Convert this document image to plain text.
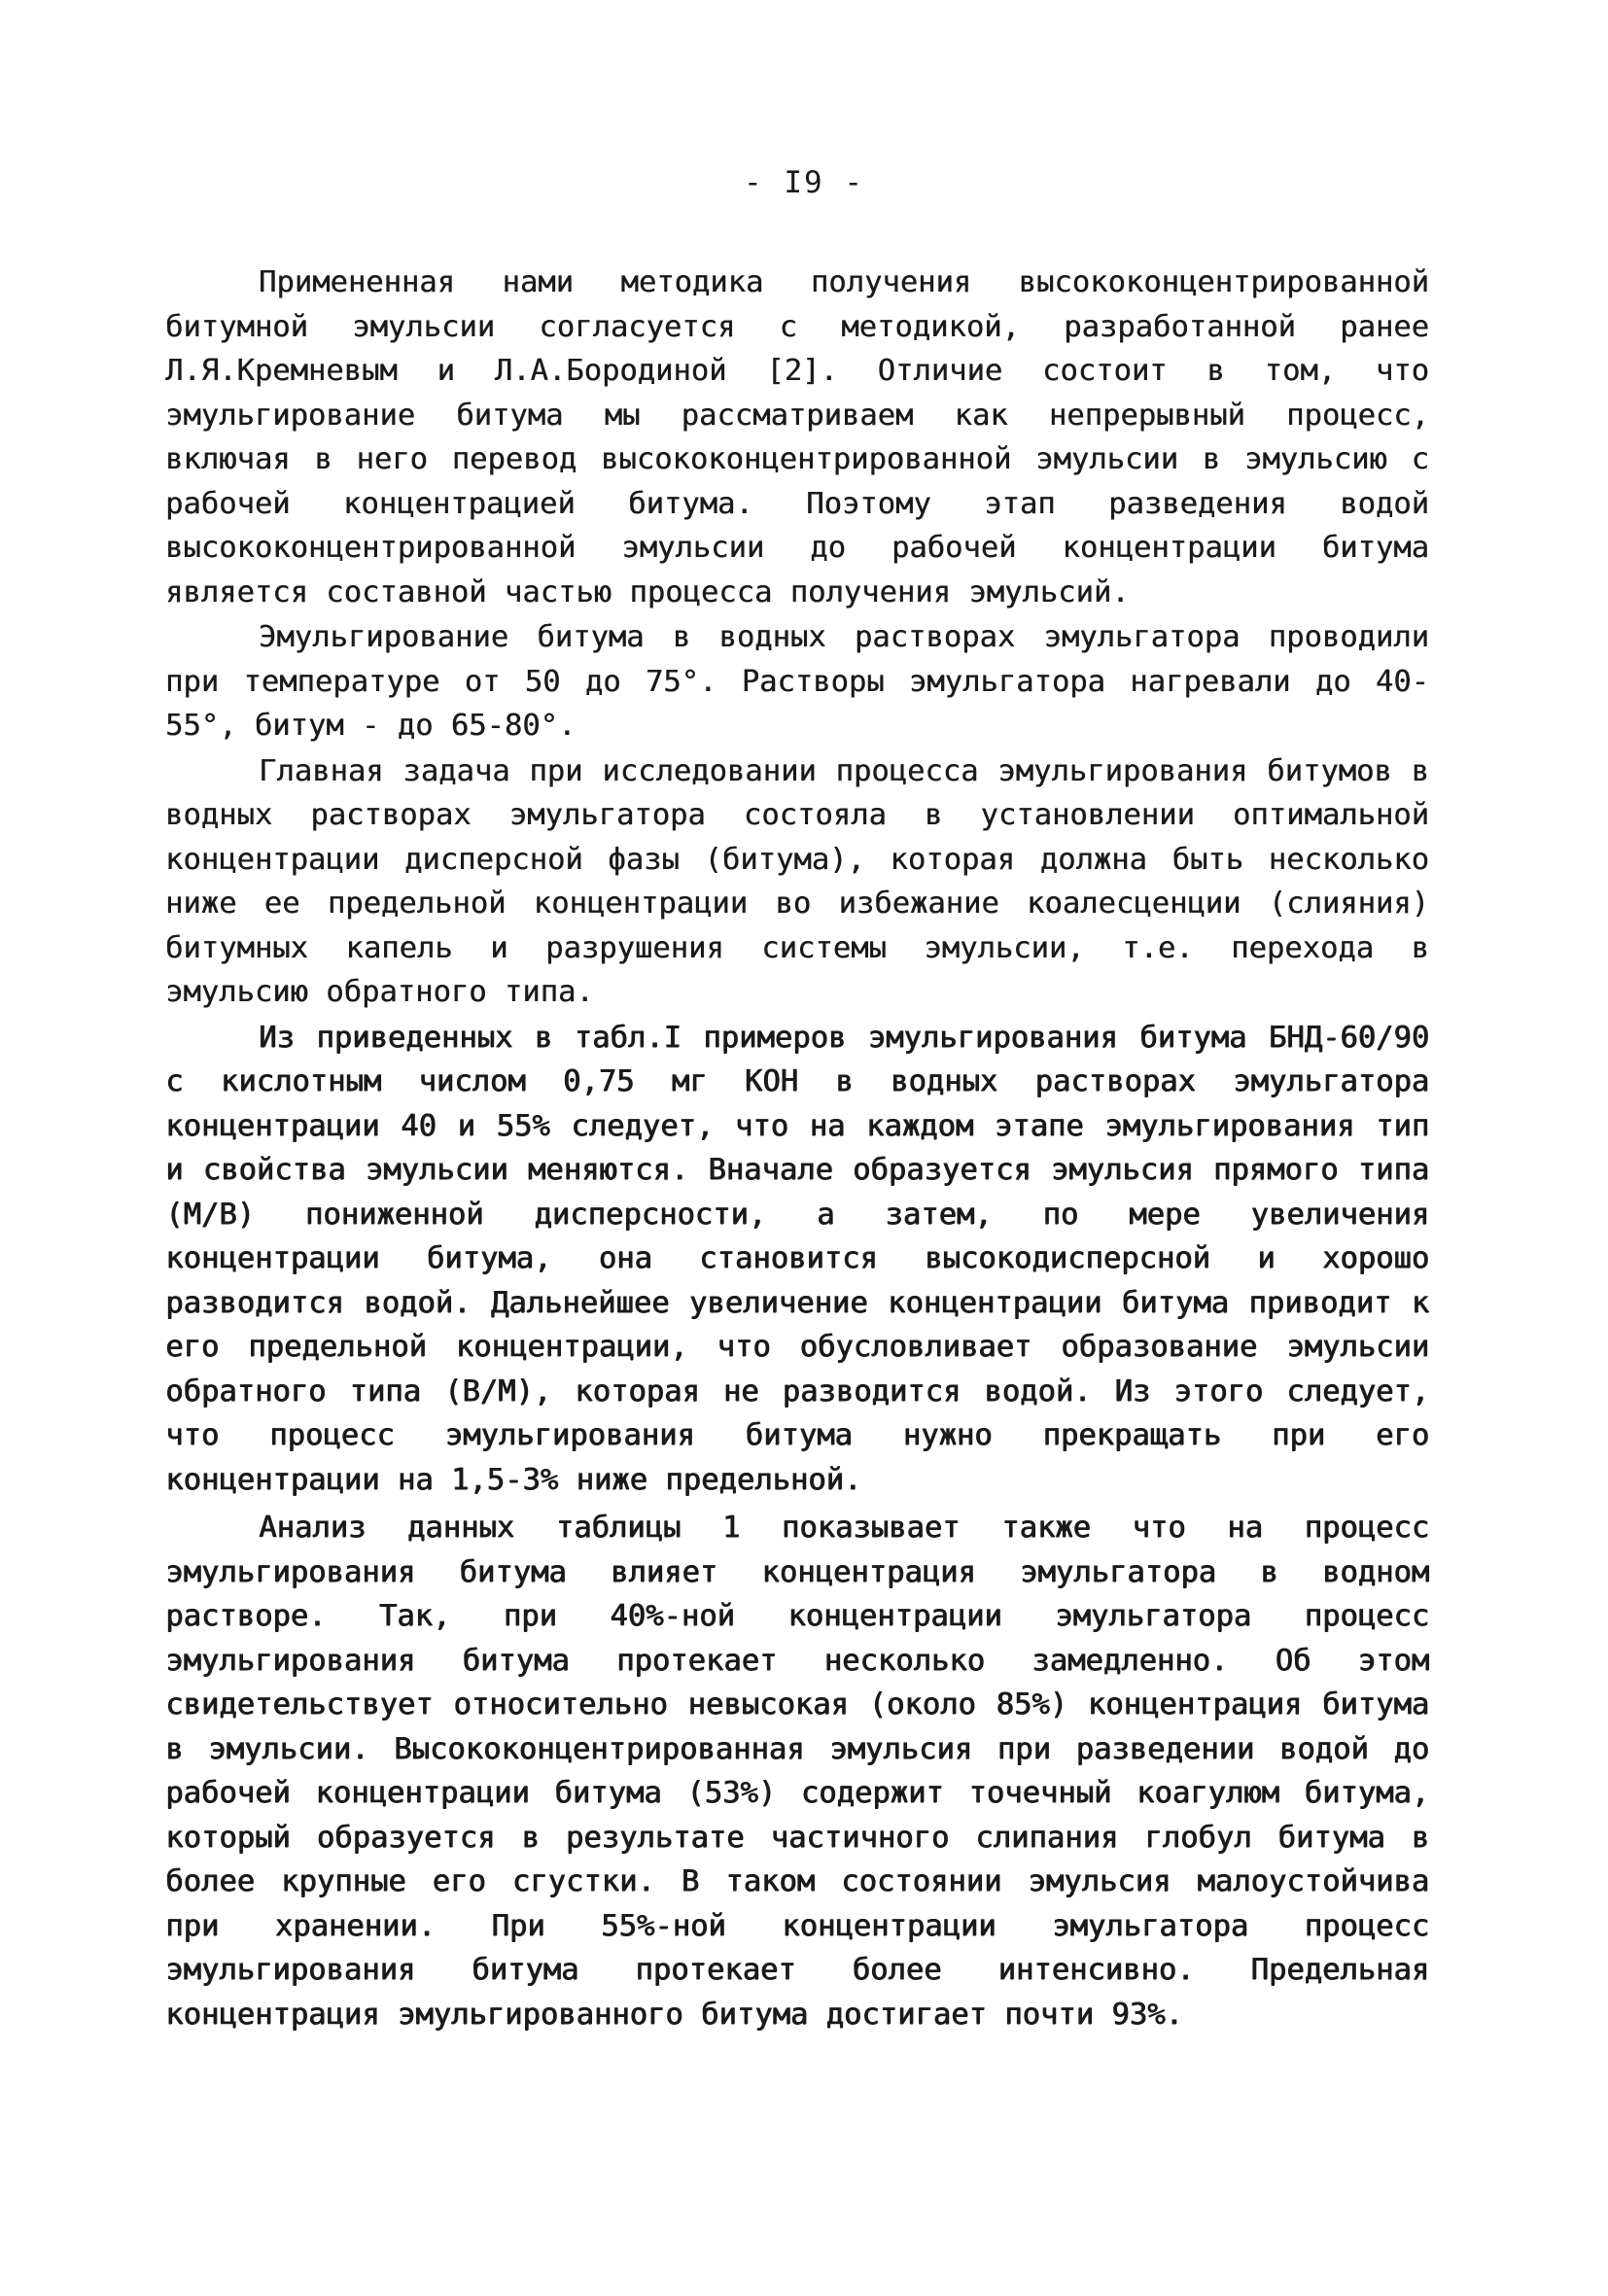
- I9 -

Примененная нами методика получения высококонцентрированной битумной эмульсии согласуется с методикой, разработанной ранее Л.Я.Кремневым и Л.А.Бородиной [2]. Отличие состоит в том, что эмульгирование битума мы рассматриваем как непрерывный процесс, включая в него перевод высококонцентрированной эмульсии в эмульсию с рабочей концентрацией битума. Поэтому этап разведения водой высококонцентрированной эмульсии до рабочей концентрации битума является составной частью процесса получения эмульсий.

Эмульгирование битума в водных растворах эмульгатора проводили при температуре от 50 до 75°. Растворы эмульгатора нагревали до 40-55°, битум - до 65-80°.

Главная задача при исследовании процесса эмульгирования битумов в водных растворах эмульгатора состояла в установлении оптимальной концентрации дисперсной фазы (битума), которая должна быть несколько ниже ее предельной концентрации во избежание коалесценции (слияния) битумных капель и разрушения системы эмульсии, т.е. перехода в эмульсию обратного типа.

Из приведенных в табл.I примеров эмульгирования битума БНД-60/90 с кислотным числом 0,75 мг КОН в водных растворах эмульгатора концентрации 40 и 55% следует, что на каждом этапе эмульгирования тип и свойства эмульсии меняются. Вначале образуется эмульсия прямого типа (М/В) пониженной дисперсности, а затем, по мере увеличения концентрации битума, она становится высокодисперсной и хорошо разводится водой. Дальнейшее увеличение концентрации битума приводит к его предельной концентрации, что обусловливает образование эмульсии обратного типа (В/М), которая не разводится водой. Из этого следует, что процесс эмульгирования битума нужно прекращать при его концентрации на 1,5-3% ниже предельной.

Анализ данных таблицы 1 показывает также что на процесс эмульгирования битума влияет концентрация эмульгатора в водном растворе. Так, при 40%-ной концентрации эмульгатора процесс эмульгирования битума протекает несколько замедленно. Об этом свидетельствует относительно невысокая (около 85%) концентрация битума в эмульсии. Высококонцентрированная эмульсия при разведении водой до рабочей концентрации битума (53%) содержит точечный коагулюм битума, который образуется в результате частичного слипания глобул битума в более крупные его сгустки. В таком состоянии эмульсия малоустойчива при хранении. При 55%-ной концентрации эмульгатора процесс эмульгирования битума протекает более интенсивно. Предельная концентрация эмульгированного битума достигает почти 93%.
